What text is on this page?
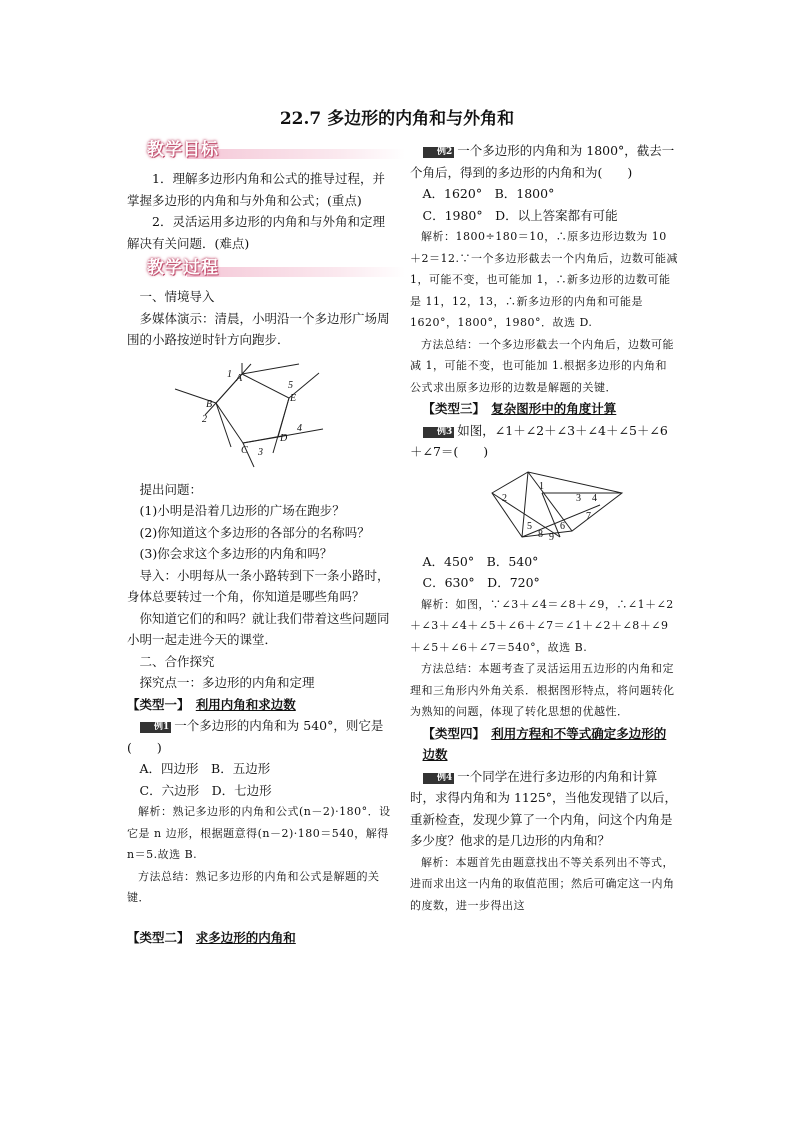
22.7 多边形的内角和与外角和
教学目标

1．理解多边形内角和公式的推导过程，并掌握多边形的内角和与外角和公式；(重点)

2．灵活运用多边形的内角和与外角和定理解决有关问题．(难点)

教学过程

一、情境导入

多媒体演示：清晨，小明沿一个多边形广场周围的小路按逆时针方向跑步．

1 A
5
E
B
2
4
D
C 3

提出问题：

(1)小明是沿着几边形的广场在跑步？

(2)你知道这个多边形的各部分的名称吗？

(3)你会求这个多边形的内角和吗？

导入：小明每从一条小路转到下一条小路时，身体总要转过一个角，你知道是哪些角吗？

你知道它们的和吗？就让我们带着这些问题同小明一起走进今天的课堂．

二、合作探究

探究点一：多边形的内角和定理

【类型一】　 利用内角和求边数

例1 一个多边形的内角和为 540°，则它是(　　)

A．四边形　B．五边形

C．六边形　D．七边形

解析：熟记多边形的内角和公式(n－2)·180°．设它是 n 边形，根据题意得(n－2)·180＝540，解得 n＝5.故选 B.

方法总结：熟记多边形的内角和公式是解题的关键．

【类型二】　 求多边形的内角和

例2 一个多边形的内角和为 1800°，截去一个角后，得到的多边形的内角和为(　　)

A．1620°　B．1800°

C．1980°　D．以上答案都有可能

解析：1800÷180＝10，∴原多边形边数为 10＋2＝12.∵一个多边形截去一个内角后，边数可能减 1，可能不变，也可能加 1，∴新多边形的边数可能是 11，12，13，∴新多边形的内角和可能是 1620°，1800°，1980°．故选 D.

方法总结：一个多边形截去一个内角后，边数可能减 1，可能不变，也可能加 1.根据多边形的内角和公式求出原多边形的边数是解题的关键．

【类型三】　 复杂图形中的角度计算

例3 如图，∠1＋∠2＋∠3＋∠4＋∠5＋∠6＋∠7＝(　　)

1
2	3 4
5	6
7
8 9

A．450°　B．540°

C．630°　D．720°

解析：如图，∵∠3＋∠4＝∠8＋∠9，∴∠1＋∠2＋∠3＋∠4＋∠5＋∠6＋∠7＝∠1＋∠2＋∠8＋∠9＋∠5＋∠6＋∠7＝540°，故选 B.

方法总结：本题考查了灵活运用五边形的内角和定理和三角形内外角关系．根据图形特点，将问题转化为熟知的问题，体现了转化思想的优越性．

【类型四】　 利用方程和不等式确定多边形的边数

例4 一个同学在进行多边形的内角和计算时，求得内角和为 1125°，当他发现错了以后，重新检查，发现少算了一个内角，问这个内角是多少度？他求的是几边形的内角和？

解析：本题首先由题意找出不等关系列出不等式，进而求出这一内角的取值范围；然后可确定这一内角的度数，进一步得出这
